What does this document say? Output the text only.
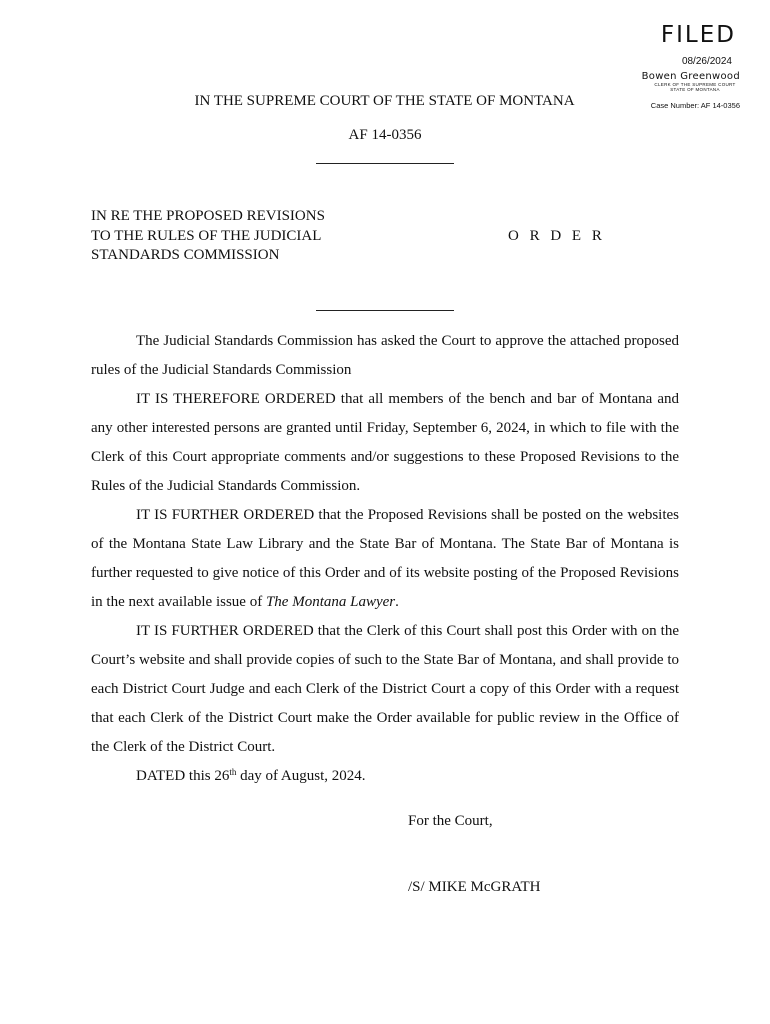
FILED
08/26/2024
Bowen Greenwood
CLERK OF THE SUPREME COURT
STATE OF MONTANA
Case Number: AF 14-0356
IN THE SUPREME COURT OF THE STATE OF MONTANA
AF 14-0356
IN RE THE PROPOSED REVISIONS
TO THE RULES OF THE JUDICIAL
STANDARDS COMMISSION
O R D E R

The Judicial Standards Commission has asked the Court to approve the attached proposed rules of the Judicial Standards Commission

IT IS THEREFORE ORDERED that all members of the bench and bar of Montana and any other interested persons are granted until Friday, September 6, 2024, in which to file with the Clerk of this Court appropriate comments and/or suggestions to these Proposed Revisions to the Rules of the Judicial Standards Commission.

IT IS FURTHER ORDERED that the Proposed Revisions shall be posted on the websites of the Montana State Law Library and the State Bar of Montana. The State Bar of Montana is further requested to give notice of this Order and of its website posting of the Proposed Revisions in the next available issue of The Montana Lawyer.

IT IS FURTHER ORDERED that the Clerk of this Court shall post this Order with on the Court’s website and shall provide copies of such to the State Bar of Montana, and shall provide to each District Court Judge and each Clerk of the District Court a copy of this Order with a request that each Clerk of the District Court make the Order available for public review in the Office of the Clerk of the District Court.

DATED this 26th day of August, 2024.

For the Court,
/S/ MIKE McGRATH
